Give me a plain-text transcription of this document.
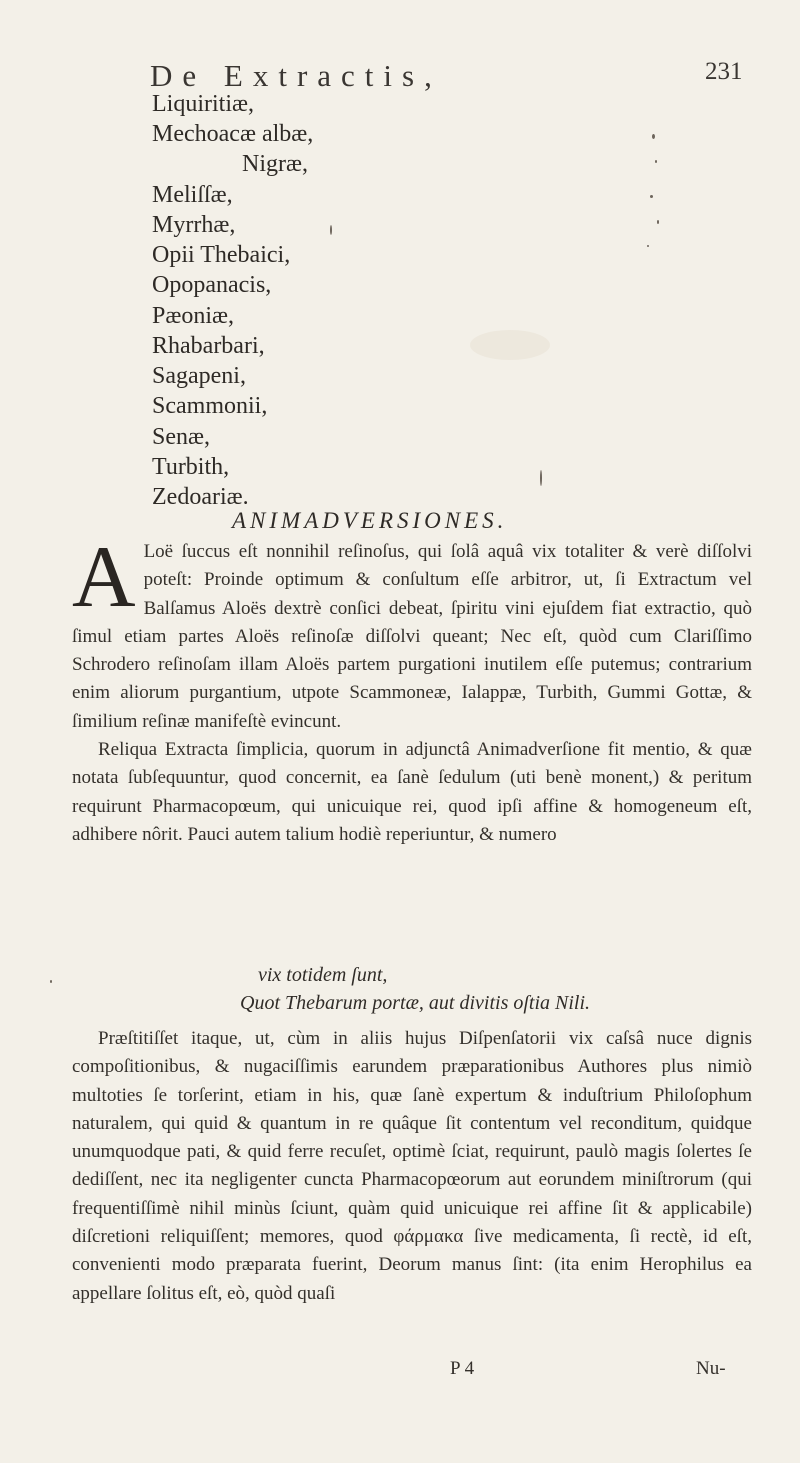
De Extractis,	231
Liquiritiæ,
Mechoacæ albæ,
Nigræ,
Meliſſæ,
Myrrhæ,
Opii Thebaici,
Opopanacis,
Pæoniæ,
Rhabarbari,
Sagapeni,
Scammonii,
Senæ,
Turbith,
Zedoariæ.
ANIMADVERSIONES.
A Loë ſuccus eſt nonnihil reſinoſus, qui ſolâ aquâ vix totaliter & verè diſſolvi poteſt: Proinde optimum & conſultum eſſe arbitror, ut, ſi Extractum vel Balſamus Aloës dextrè conſici debeat, ſpiritu vini ejuſdem fiat extractio, quò ſimul etiam partes Aloës reſinoſæ diſſolvi queant; Nec eſt, quòd cum Clariſſimo Schrodero reſinoſam illam Aloës partem purgationi inutilem eſſe putemus; contrarium enim aliorum purgantium, utpote Scammoneæ, Ialappæ, Turbith, Gummi Gottæ, & ſimilium reſinæ manifeſtè evincunt.
Reliqua Extracta ſimplicia, quorum in adjunctâ Animadverſione fit mentio, & quæ notata ſubſequuntur, quod concernit, ea ſanè ſedulum (uti benè monent,) & peritum requirunt Pharmacopœum, qui unicuique rei, quod ipſi affine & homogeneum eſt, adhibere nôrit. Pauci autem talium hodiè reperiuntur, & numero
vix totidem ſunt,
Quot Thebarum portæ, aut divitis oſtia Nili.
Præſtitiſſet itaque, ut, cùm in aliis hujus Diſpenſatorii vix caſsâ nuce dignis compoſitionibus, & nugaciſſimis earundem præparationibus Authores plus nimiò multoties ſe torſerint, etiam in his, quæ ſanè expertum & induſtrium Philoſophum naturalem, qui quid & quantum in re quâque ſit contentum vel reconditum, quidque unumquodque pati, & quid ferre recuſet, optimè ſciat, requirunt, paulò magis ſolertes ſe dediſſent, nec ita negligenter cuncta Pharmacopœorum aut eorundem miniſtrorum (qui frequentiſſimè nihil minùs ſciunt, quàm quid unicuique rei affine ſit & applicabile) diſcretioni reliquiſſent; memores, quod φάρμακα ſive medicamenta, ſi rectè, id eſt, convenienti modo præparata fuerint, Deorum manus ſint: (ita enim Herophilus ea appellare ſolitus eſt, eò, quòd quaſi
P 4	Nu-
